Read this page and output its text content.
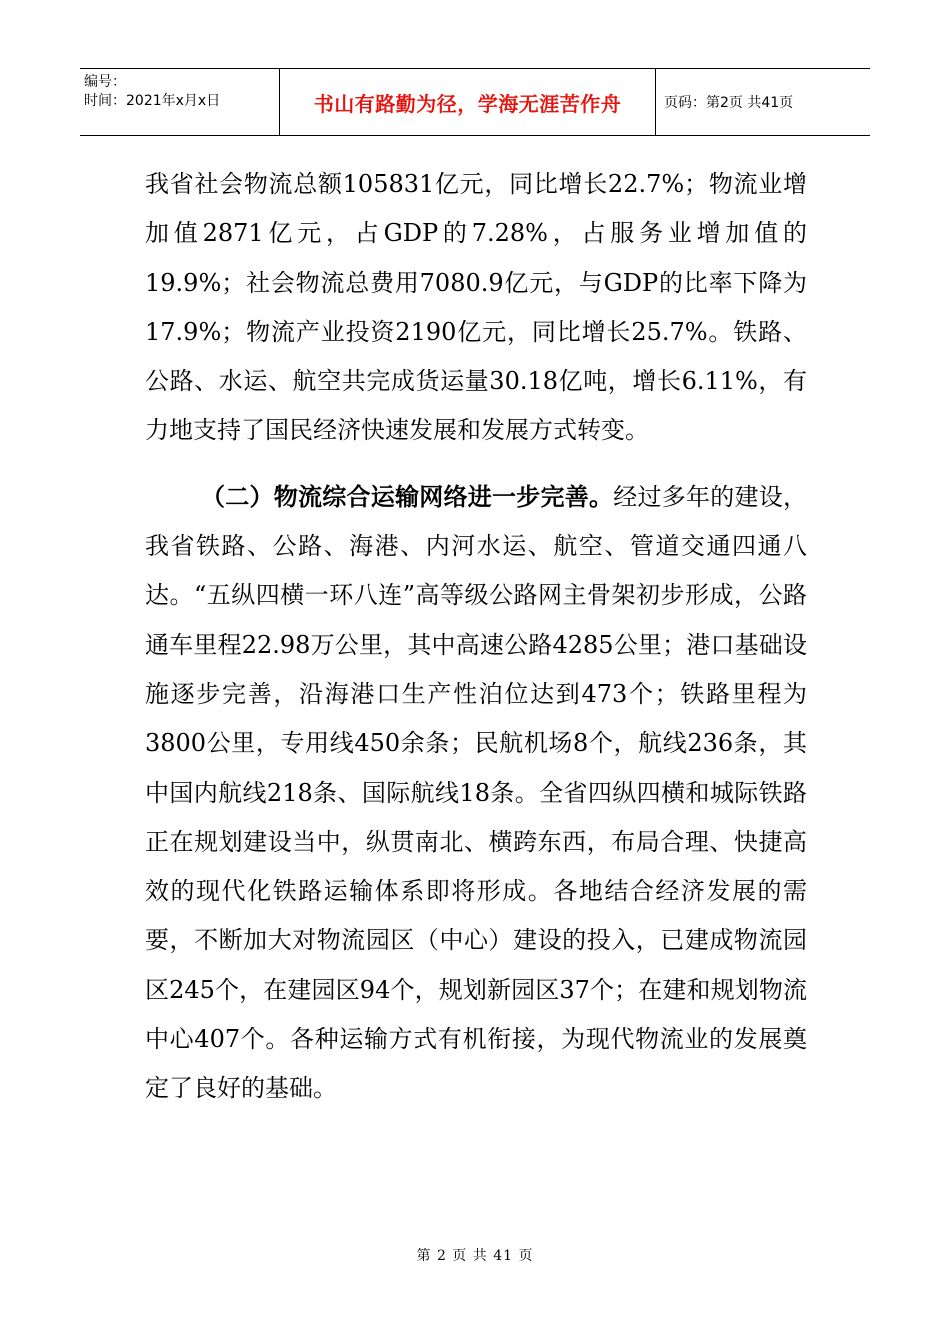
编号：
时间：2021年x月x日	书山有路勤为径，学海无涯苦作舟	页码：第2页 共41页

我省社会物流总额105831亿元，同比增长22.7%；物流业增加值2871亿元，占GDP的7.28%，占服务业增加值的19.9%；社会物流总费用7080.9亿元，与GDP的比率下降为17.9%；物流产业投资2190亿元，同比增长25.7%。铁路、公路、水运、航空共完成货运量30.18亿吨，增长6.11%，有力地支持了国民经济快速发展和发展方式转变。

（二）物流综合运输网络进一步完善。经过多年的建设，我省铁路、公路、海港、内河水运、航空、管道交通四通八达。“五纵四横一环八连”高等级公路网主骨架初步形成，公路通车里程22.98万公里，其中高速公路4285公里；港口基础设施逐步完善，沿海港口生产性泊位达到473个；铁路里程为3800公里，专用线450余条；民航机场8个，航线236条，其中国内航线218条、国际航线18条。全省四纵四横和城际铁路正在规划建设当中，纵贯南北、横跨东西，布局合理、快捷高效的现代化铁路运输体系即将形成。各地结合经济发展的需要，不断加大对物流园区（中心）建设的投入，已建成物流园区245个，在建园区94个，规划新园区37个；在建和规划物流中心407个。各种运输方式有机衔接，为现代物流业的发展奠定了良好的基础。

第 2 页 共 41 页
